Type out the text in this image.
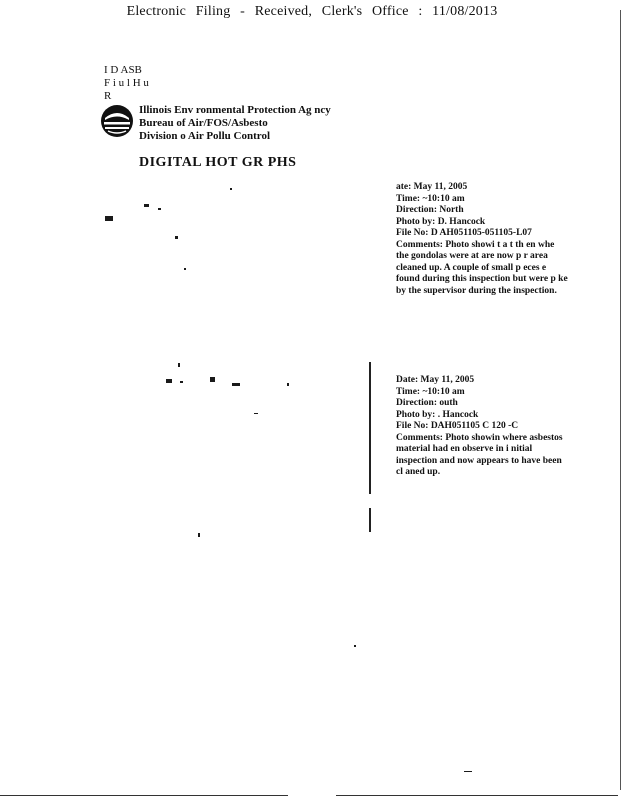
Electronic Filing - Received, Clerk's Office : 11/08/2013
I D ASB
F i u l H u
R
Illinois Env ronmental Protection Ag ncy
Bureau of Air/FOS/Asbesto
Division o Air Pollu Control
DIGITAL HOT GR PHS
ate: May 11, 2005
Time: ~10:10 am
Direction: North
Photo by: D. Hancock
File No: D AH051105-051105-L07
Comments: Photo showi t a t th en whe
the gondolas were at are now p r area
cleaned up. A couple of small p eces e
found during this inspection but were p ke
by the supervisor during the inspection.
Date: May 11, 2005
Time: ~10:10 am
Direction: outh
Photo by: . Hancock
File No: DAH051105 C 120 -C
Comments: Photo showin where asbestos
material had en observe in i nitial
inspection and now appears to have been
cl aned up.
